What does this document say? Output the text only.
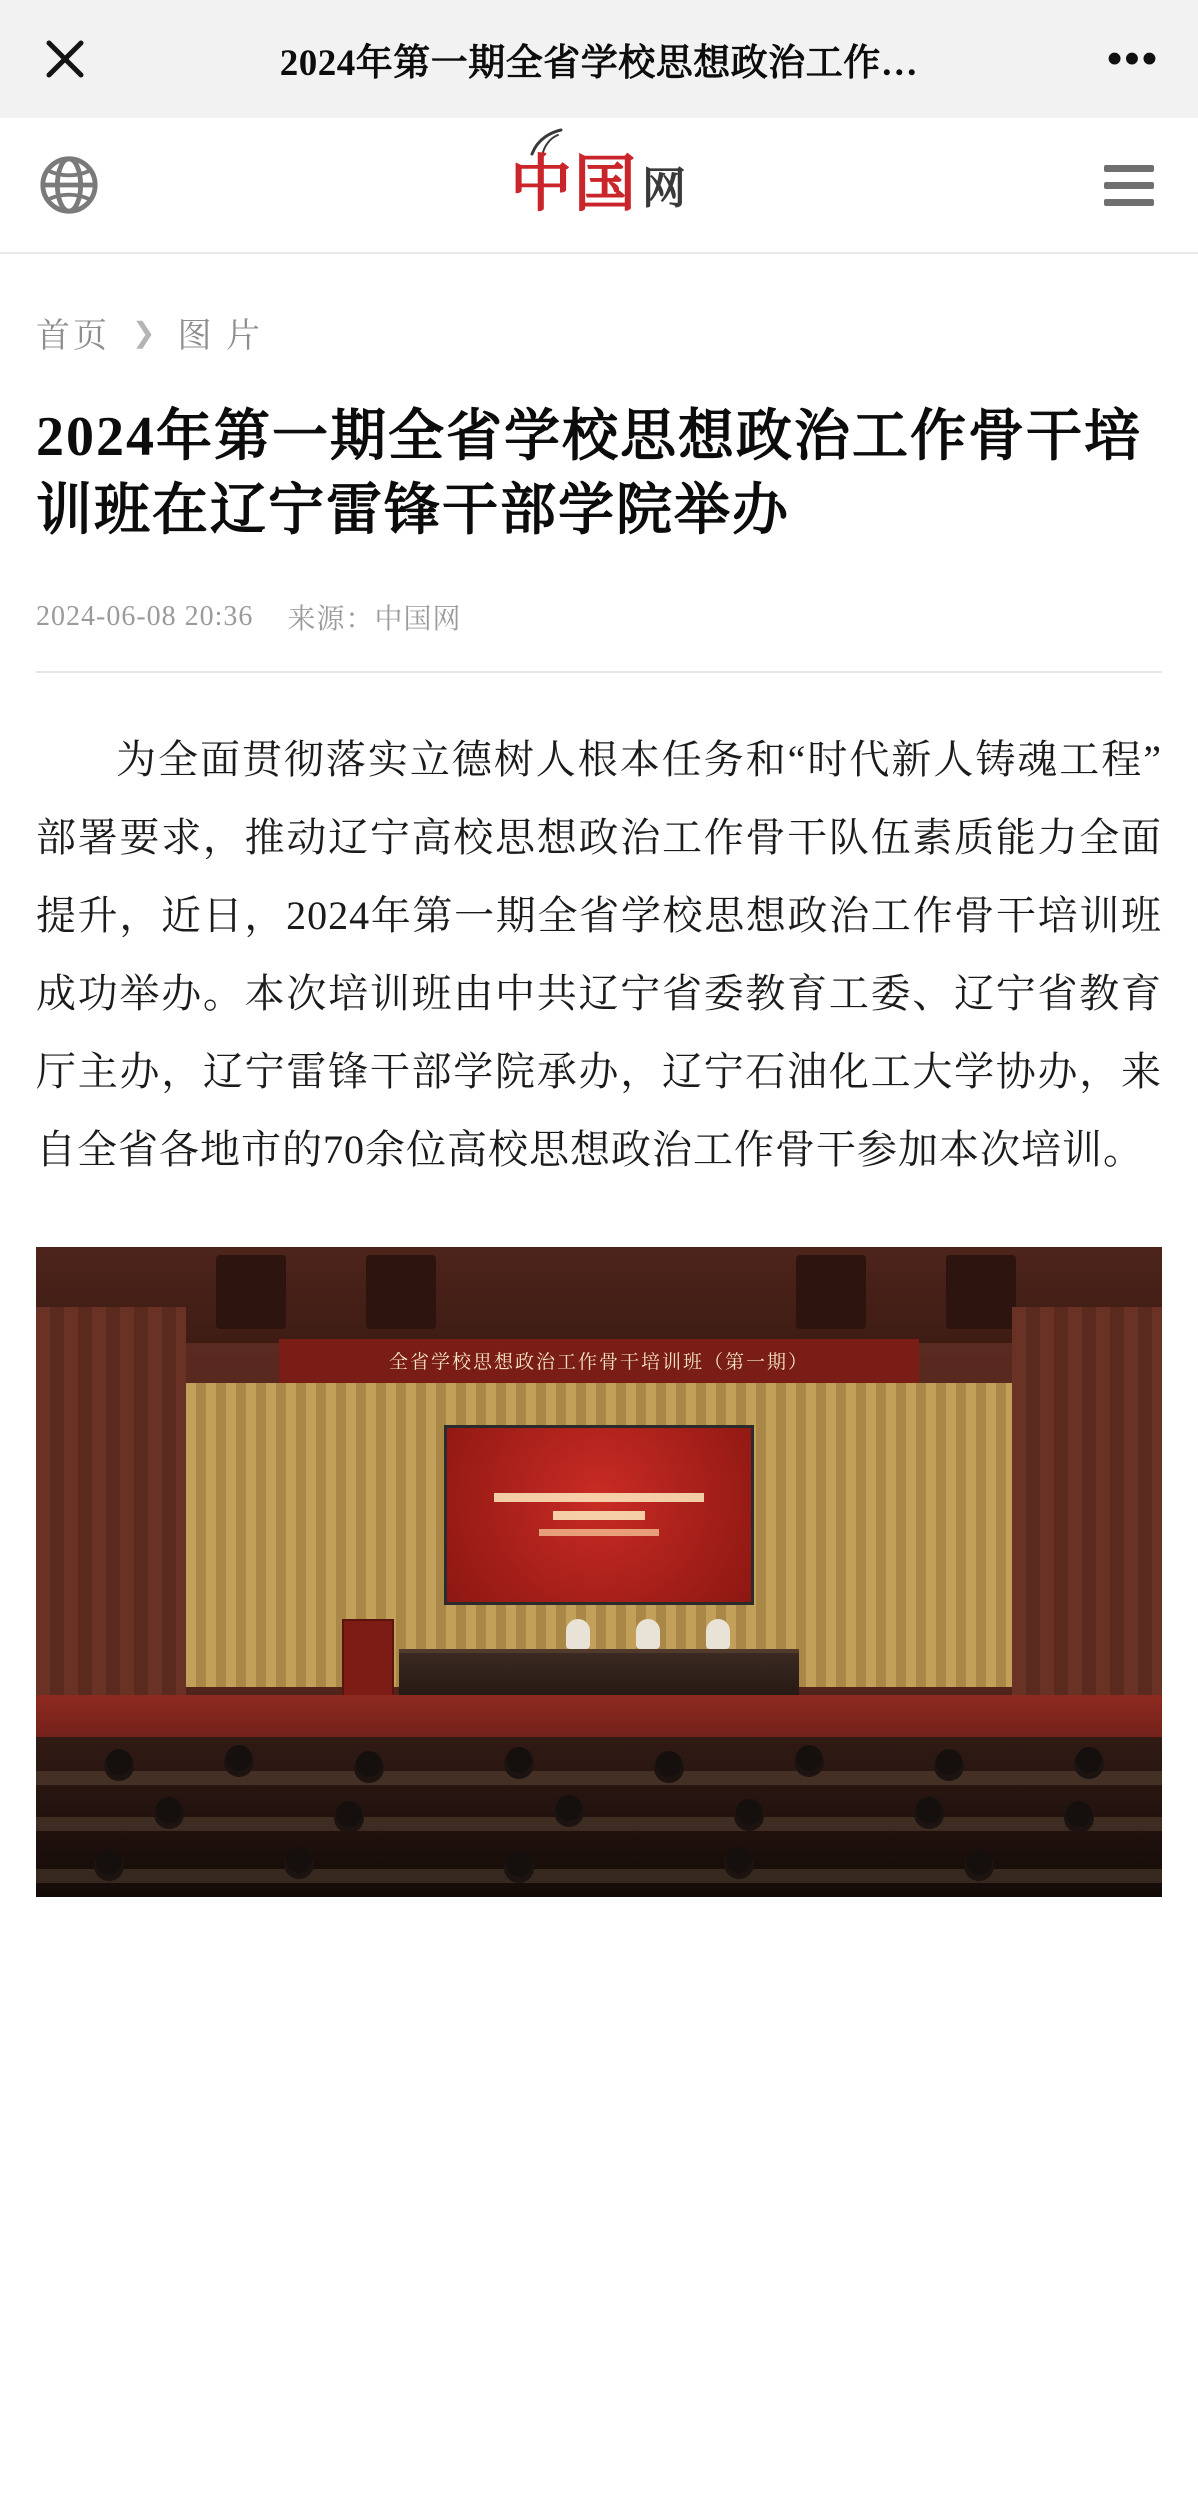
2024年第一期全省学校思想政治工作…	•••
中 国 网
首页 ❯ 图 片
2024年第一期全省学校思想政治工作骨干培训班在辽宁雷锋干部学院举办
2024-06-08 20:36 来源：中国网

为全面贯彻落实立德树人根本任务和“时代新人铸魂工程”部署要求，推动辽宁高校思想政治工作骨干队伍素质能力全面提升，近日，2024年第一期全省学校思想政治工作骨干培训班成功举办。本次培训班由中共辽宁省委教育工委、辽宁省教育厅主办，辽宁雷锋干部学院承办，辽宁石油化工大学协办，来自全省各地市的70余位高校思想政治工作骨干参加本次培训。

全省学校思想政治工作骨干培训班（第一期）
